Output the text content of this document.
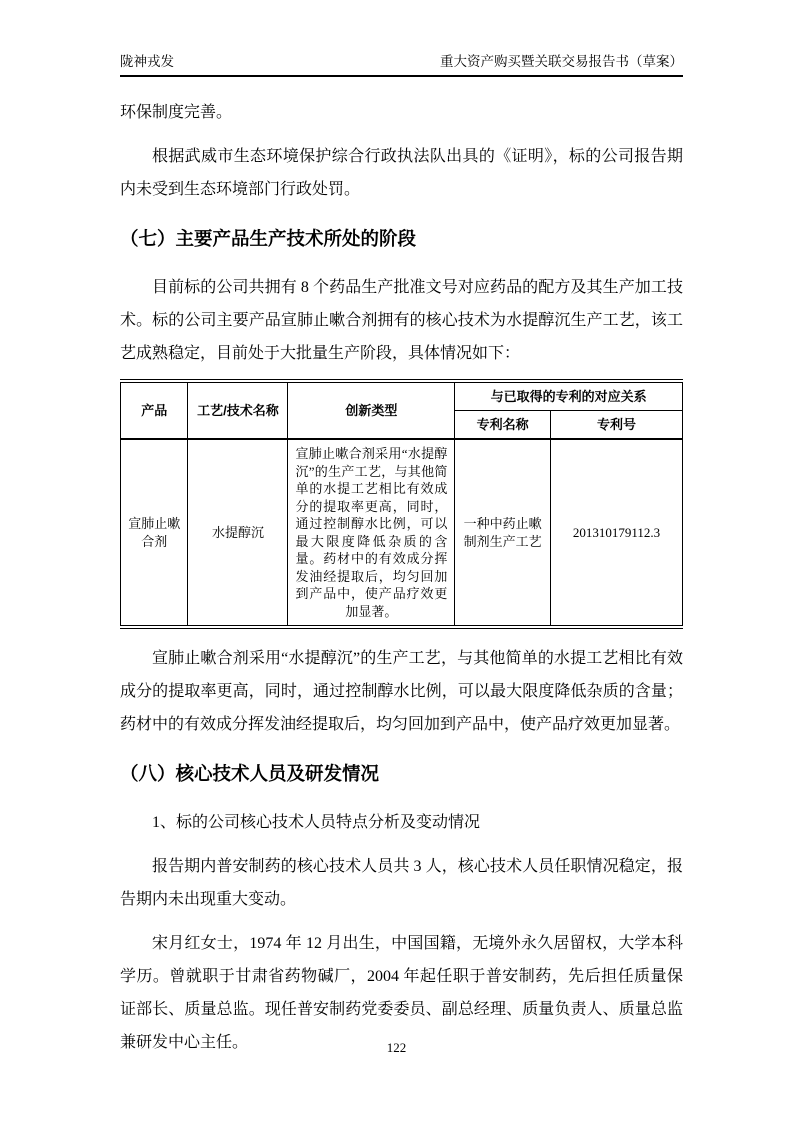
陇神戎发	重大资产购买暨关联交易报告书（草案）

环保制度完善。

根据武威市生态环境保护综合行政执法队出具的《证明》，标的公司报告期内未受到生态环境部门行政处罚。

（七）主要产品生产技术所处的阶段

目前标的公司共拥有 8 个药品生产批准文号对应药品的配方及其生产加工技术。标的公司主要产品宣肺止嗽合剂拥有的核心技术为水提醇沉生产工艺，该工艺成熟稳定，目前处于大批量生产阶段，具体情况如下：

产品	工艺/技术名称	创新类型	与已取得的专利的对应关系	
			专利名称	专利号
宣肺止嗽合剂	水提醇沉	宣肺止嗽合剂采用“水提醇沉”的生产工艺，与其他简单的水提工艺相比有效成分的提取率更高，同时，通过控制醇水比例，可以最大限度降低杂质的含量。药材中的有效成分挥发油经提取后，均匀回加到产品中，使产品疗效更加显著。	一种中药止嗽制剂生产工艺	201310179112.3

宣肺止嗽合剂采用“水提醇沉”的生产工艺，与其他简单的水提工艺相比有效成分的提取率更高，同时，通过控制醇水比例，可以最大限度降低杂质的含量；药材中的有效成分挥发油经提取后，均匀回加到产品中，使产品疗效更加显著。

（八）核心技术人员及研发情况

1、标的公司核心技术人员特点分析及变动情况

报告期内普安制药的核心技术人员共 3 人，核心技术人员任职情况稳定，报告期内未出现重大变动。

宋月红女士，1974 年 12 月出生，中国国籍，无境外永久居留权，大学本科学历。曾就职于甘肃省药物碱厂，2004 年起任职于普安制药，先后担任质量保证部长、质量总监。现任普安制药党委委员、副总经理、质量负责人、质量总监兼研发中心主任。	122
